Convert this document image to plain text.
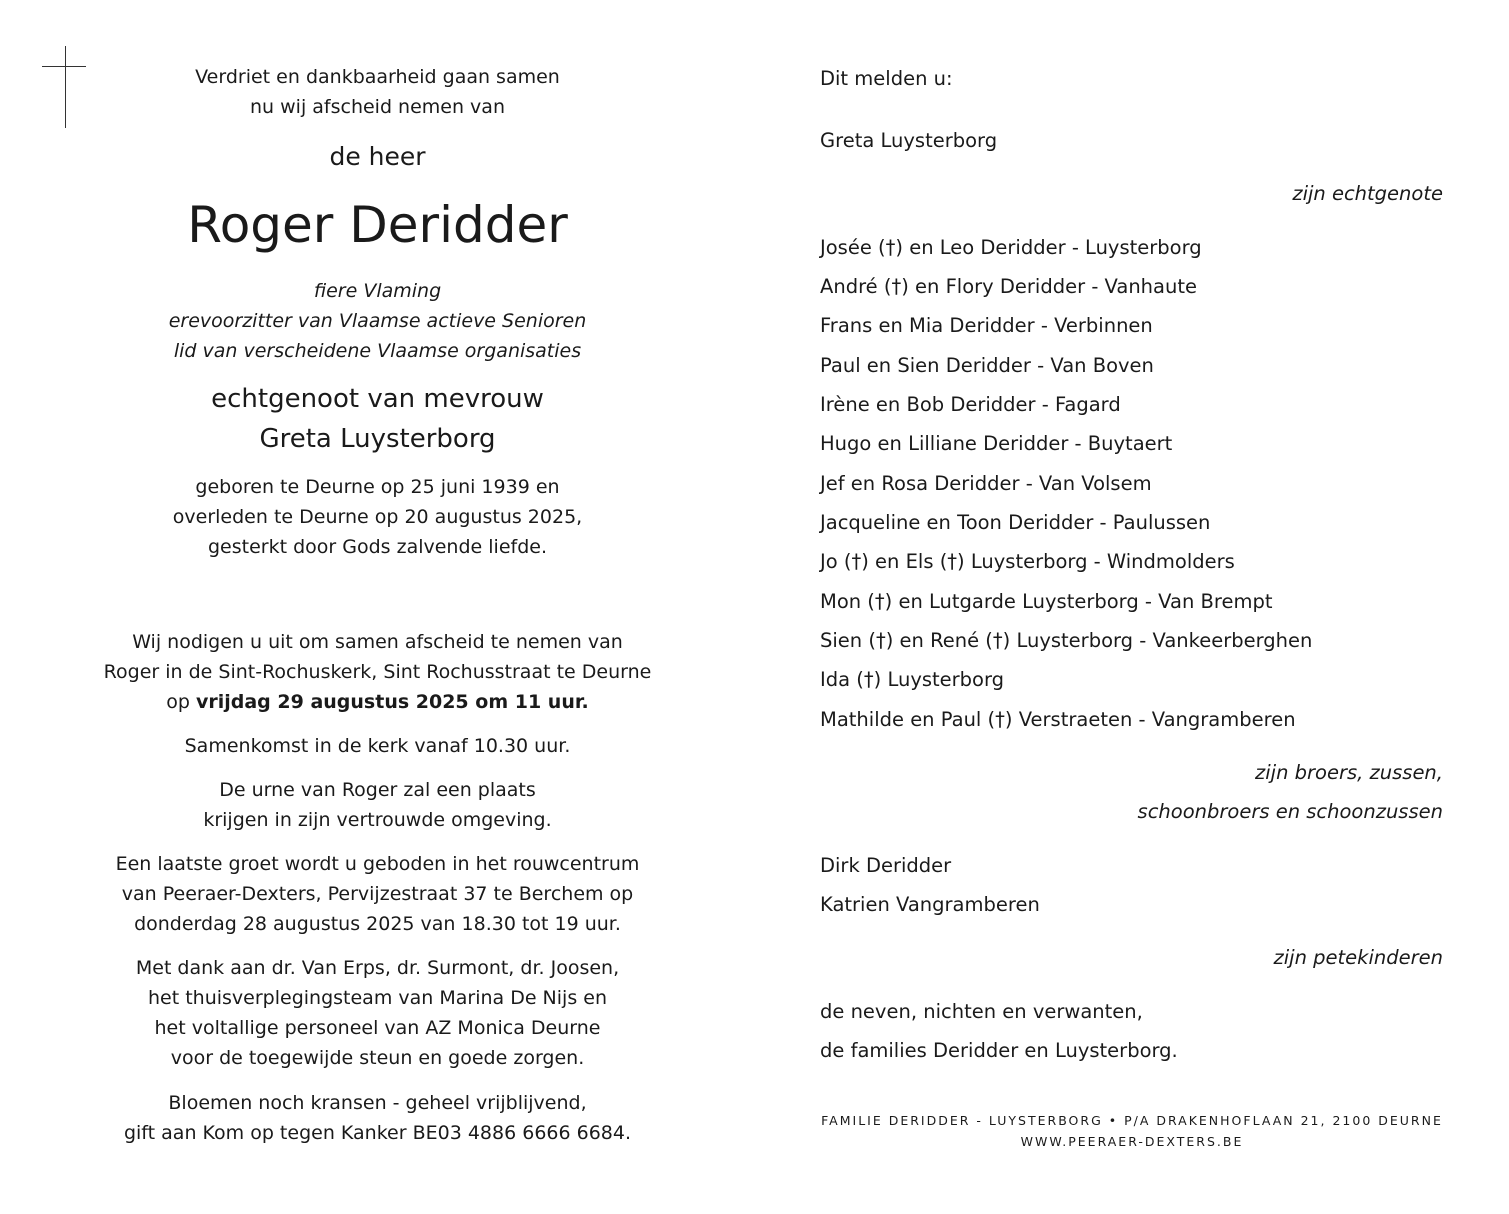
Verdriet en dankbaarheid gaan samen
nu wij afscheid nemen van
de heer
Roger Deridder
fiere Vlaming
erevoorzitter van Vlaamse actieve Senioren
lid van verscheidene Vlaamse organisaties
echtgenoot van mevrouw
Greta Luysterborg
geboren te Deurne op 25 juni 1939 en
overleden te Deurne op 20 augustus 2025,
gesterkt door Gods zalvende liefde.
Wij nodigen u uit om samen afscheid te nemen van
Roger in de Sint-Rochuskerk, Sint Rochusstraat te Deurne
op vrijdag 29 augustus 2025 om 11 uur.
Samenkomst in de kerk vanaf 10.30 uur.
De urne van Roger zal een plaats
krijgen in zijn vertrouwde omgeving.
Een laatste groet wordt u geboden in het rouwcentrum
van Peeraer-Dexters, Pervijzestraat 37 te Berchem op
donderdag 28 augustus 2025 van 18.30 tot 19 uur.
Met dank aan dr. Van Erps, dr. Surmont, dr. Joosen,
het thuisverplegingsteam van Marina De Nijs en
het voltallige personeel van AZ Monica Deurne
voor de toegewijde steun en goede zorgen.
Bloemen noch kransen - geheel vrijblijvend,
gift aan Kom op tegen Kanker BE03 4886 6666 6684.
Dit melden u:
Greta Luysterborg
zijn echtgenote
Josée (†) en Leo Deridder - Luysterborg
André (†) en Flory Deridder - Vanhaute
Frans en Mia Deridder - Verbinnen
Paul en Sien Deridder - Van Boven
Irène en Bob Deridder - Fagard
Hugo en Lilliane Deridder - Buytaert
Jef en Rosa Deridder - Van Volsem
Jacqueline en Toon Deridder - Paulussen
Jo (†) en Els (†) Luysterborg - Windmolders
Mon (†) en Lutgarde Luysterborg - Van Brempt
Sien (†) en René (†) Luysterborg - Vankeerberghen
Ida (†) Luysterborg
Mathilde en Paul (†) Verstraeten - Vangramberen
zijn broers, zussen,
schoonbroers en schoonzussen
Dirk Deridder
Katrien Vangramberen
zijn petekinderen
de neven, nichten en verwanten,
de families Deridder en Luysterborg.
FAMILIE DERIDDER - LUYSTERBORG • P/A DRAKENHOFLAAN 21, 2100 DEURNE
WWW.PEERAER-DEXTERS.BE
